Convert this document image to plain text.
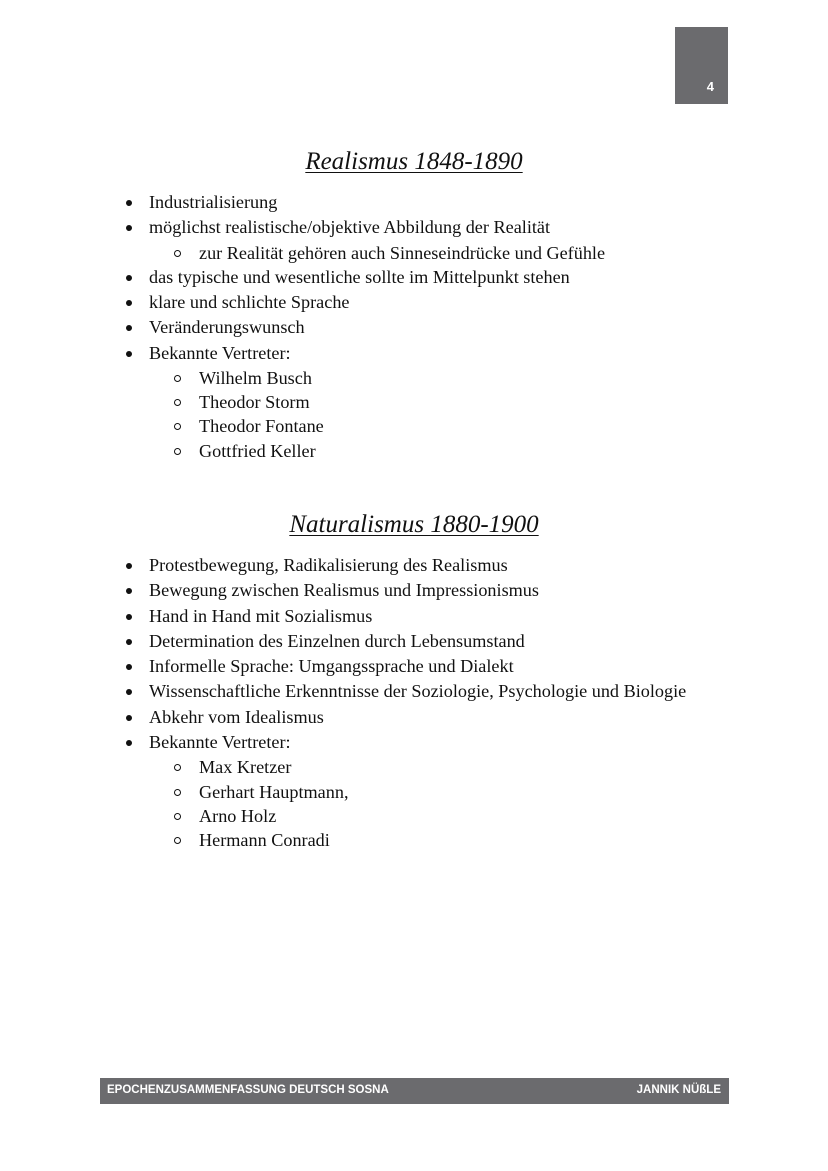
4
Realismus 1848-1890
Industrialisierung
möglichst realistische/objektive Abbildung der Realität
zur Realität gehören auch Sinneseindrücke und Gefühle
das typische und wesentliche sollte im Mittelpunkt stehen
klare und schlichte Sprache
Veränderungswunsch
Bekannte Vertreter:
Wilhelm Busch
Theodor Storm
Theodor Fontane
Gottfried Keller
Naturalismus 1880-1900
Protestbewegung, Radikalisierung des Realismus
Bewegung zwischen Realismus und Impressionismus
Hand in Hand mit Sozialismus
Determination des Einzelnen durch Lebensumstand
Informelle Sprache: Umgangssprache und Dialekt
Wissenschaftliche Erkenntnisse der Soziologie, Psychologie und Biologie
Abkehr vom Idealismus
Bekannte Vertreter:
Max Kretzer
Gerhart Hauptmann,
Arno Holz
Hermann Conradi
EPOCHENZUSAMMENFASSUNG DEUTSCH SOSNA	JANNIK NÜßLE
